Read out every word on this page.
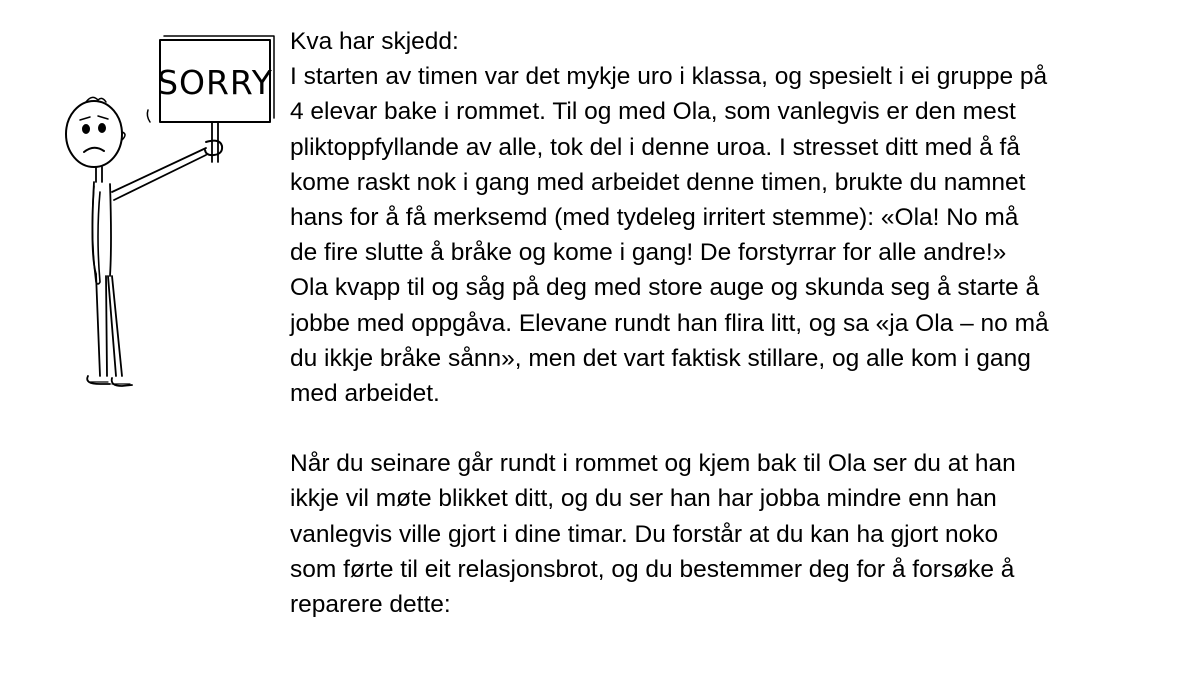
SORRY
Kva har skjedd:
I starten av timen var det mykje uro i klassa, og spesielt i ei gruppe på
4 elevar bake i rommet. Til og med Ola, som vanlegvis er den mest
pliktoppfyllande av alle, tok del i denne uroa. I stresset ditt med å få
kome raskt nok i gang med arbeidet denne timen, brukte du namnet
hans for å få merksemd (med tydeleg irritert stemme): «Ola! No må
de fire slutte å bråke og kome i gang! De forstyrrar for alle andre!»
Ola kvapp til og såg på deg med store auge og skunda seg å starte å
jobbe med oppgåva. Elevane rundt han flira litt, og sa «ja Ola – no må
du ikkje bråke sånn», men det vart faktisk stillare, og alle kom i gang
med arbeidet.
Når du seinare går rundt i rommet og kjem bak til Ola ser du at han
ikkje vil møte blikket ditt, og du ser han har jobba mindre enn han
vanlegvis ville gjort i dine timar. Du forstår at du kan ha gjort noko
som førte til eit relasjonsbrot, og du bestemmer deg for å forsøke å
reparere dette:
